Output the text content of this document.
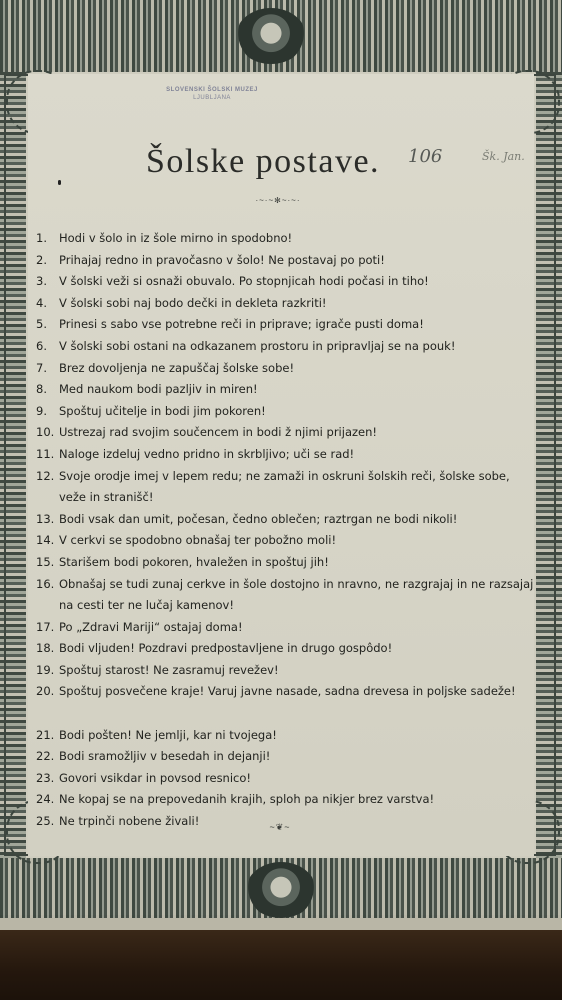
SLOVENSKI ŠOLSKI MUZEJ
LJUBLJANA
Šolske postave.	106	Šk. Jan.
·~·~✻~·~·
1.	Hodi v šolo in iz šole mirno in spodobno!
2.	Prihajaj redno in pravočasno v šolo! Ne postavaj po poti!
3.	V šolski veži si osnaži obuvalo. Po stopnjicah hodi počasi in tiho!
4.	V šolski sobi naj bodo dečki in dekleta razkriti!
5.	Prinesi s sabo vse potrebne reči in priprave; igrače pusti doma!
6.	V šolski sobi ostani na odkazanem prostoru in pripravljaj se na pouk!
7.	Brez dovoljenja ne zapuščaj šolske sobe!
8.	Med naukom bodi pazljiv in miren!
9.	Spoštuj učitelje in bodi jim pokoren!
10. Ustrezaj rad svojim součencem in bodi ž njimi prijazen!
11. Naloge izdeluj vedno pridno in skrbljivo; uči se rad!
12. Svoje orodje imej v lepem redu; ne zamaži in oskruni šolskih reči, šolske sobe, veže in stranišč!
13. Bodi vsak dan umit, počesan, čedno oblečen; raztrgan ne bodi nikoli!
14. V cerkvi se spodobno obnašaj ter pobožno moli!
15. Starišem bodi pokoren, hvaležen in spoštuj jih!
16. Obnašaj se tudi zunaj cerkve in šole dostojno in nravno, ne razgrajaj in ne razsajaj na cesti ter ne lučaj kamenov!
17. Po „Zdravi Mariji“ ostajaj doma!
18. Bodi vljuden! Pozdravi predpostavljene in drugo gospôdo!
19. Spoštuj starost! Ne zasramuj revežev!
20. Spoštuj posvečene kraje! Varuj javne nasade, sadna drevesa in poljske sadeže!
21. Bodi pošten! Ne jemlji, kar ni tvojega!
22. Bodi sramožljiv v besedah in dejanji!
23. Govori vsikdar in povsod resnico!
24. Ne kopaj se na prepovedanih krajih, sploh pa nikjer brez varstva!
25. Ne trpinči nobene živali!	~❦~
